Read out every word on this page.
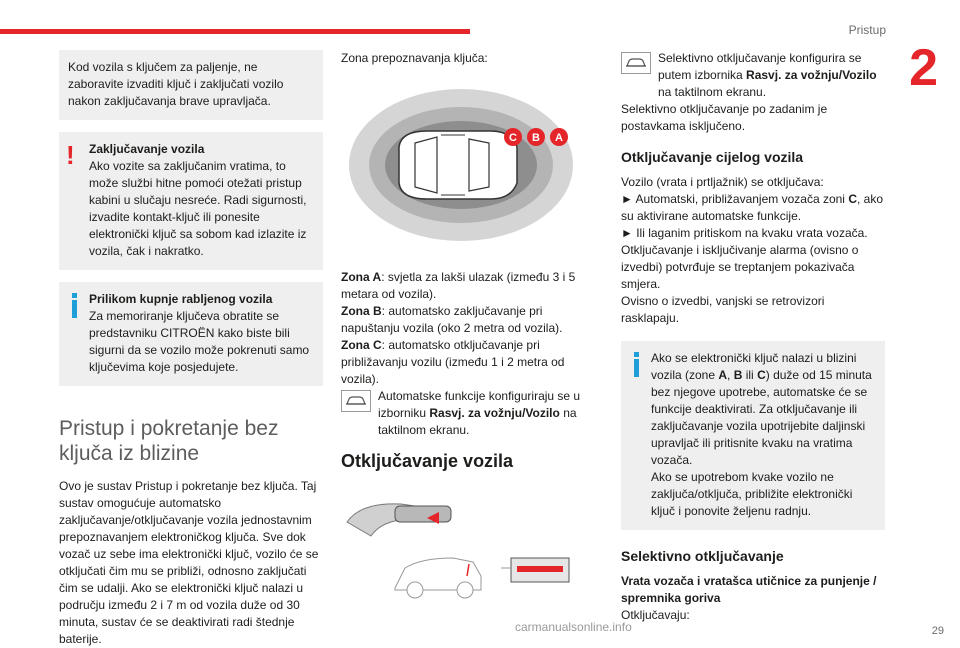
Pristup
2
29
carmanualsonline.info
Kod vozila s ključem za paljenje, ne zaboravite izvaditi ključ i zaključati vozilo nakon zaključavanja brave upravljača.
!	Zaključavanje vozila
Ako vozite sa zaključanim vratima, to može službi hitne pomoći otežati pristup kabini u slučaju nesreće. Radi sigurnosti, izvadite kontakt-ključ ili ponesite elektronički ključ sa sobom kad izlazite iz vozila, čak i nakratko.
Prilikom kupnje rabljenog vozila
Za memoriranje ključeva obratite se predstavniku CITROËN kako biste bili sigurni da se vozilo može pokrenuti samo ključevima koje posjedujete.
Pristup i pokretanje bez ključa iz blizine

Ovo je sustav Pristup i pokretanje bez ključa. Taj sustav omogućuje automatsko zaključavanje/otključavanje vozila jednostavnim prepoznavanjem elektroničkog ključa. Sve dok vozač uz sebe ima elektronički ključ, vozilo će se otključati čim mu se približi, odnosno zaključati čim se udalji. Ako se elektronički ključ nalazi u području između 2 i 7 m od vozila duže od 30 minuta, sustav će se deaktivirati radi štednje baterije.

Zona prepoznavanja ključa:

C B A

Zona A: svjetla za lakši ulazak (između 3 i 5 metara od vozila).

Zona B: automatsko zaključavanje pri napuštanju vozila (oko 2 metra od vozila).

Zona C: automatsko otključavanje pri približavanju vozilu (između 1 i 2 metra od vozila).

Automatske funkcije konfiguriraju se u izborniku Rasvj. za vožnju/Vozilo na taktilnom ekranu.
Otključavanje vozila
Selektivno otključavanje konfigurira se putem izbornika Rasvj. za vožnju/Vozilo na taktilnom ekranu.

Selektivno otključavanje po zadanim je postavkama isključeno.

Otključavanje cijelog vozila

Vozilo (vrata i prtljažnik) se otključava:

► Automatski, približavanjem vozača zoni C, ako su aktivirane automatske funkcije.

► Ili laganim pritiskom na kvaku vrata vozača.

Otključavanje i isključivanje alarma (ovisno o izvedbi) potvrđuje se treptanjem pokazivača smjera.

Ovisno o izvedbi, vanjski se retrovizori rasklapaju.

Ako se elektronički ključ nalazi u blizini vozila (zone A, B ili C) duže od 15 minuta bez njegove upotrebe, automatske će se funkcije deaktivirati. Za otključavanje ili zaključavanje vozila upotrijebite daljinski upravljač ili pritisnite kvaku na vratima vozača.
Ako se upotrebom kvake vozilo ne zaključa/otključa, približite elektronički ključ i ponovite željenu radnju.
Selektivno otključavanje

Vrata vozača i vratašca utičnice za punjenje / spremnika goriva

Otključavaju:
